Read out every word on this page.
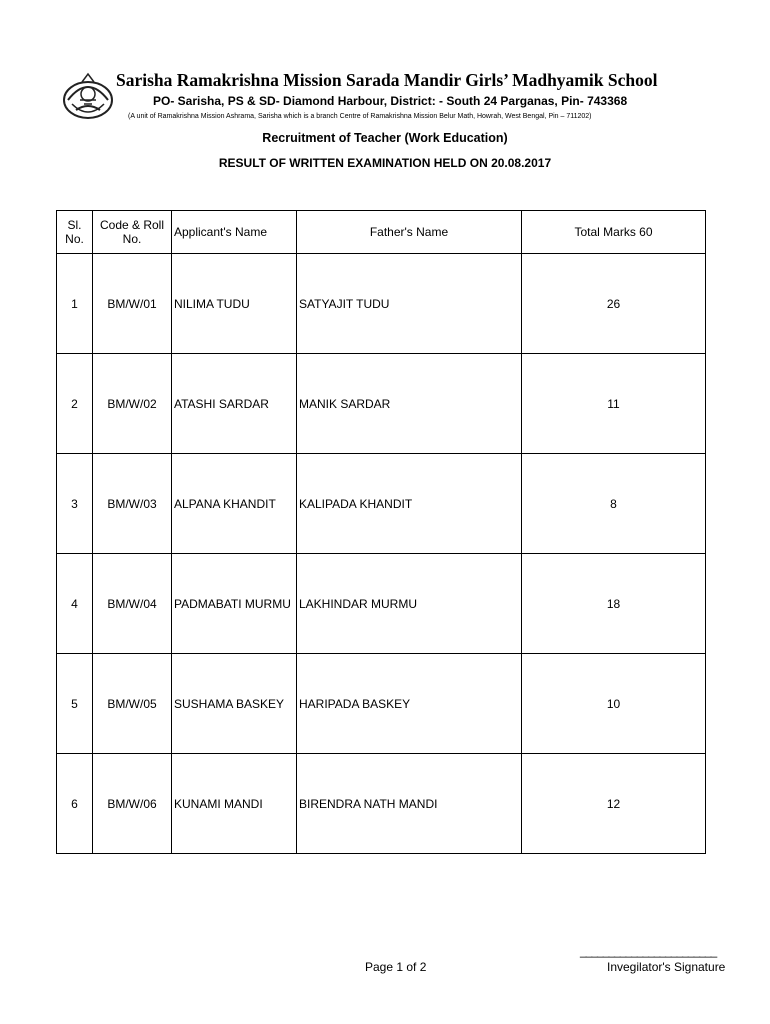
Sarisha Ramakrishna Mission Sarada Mandir Girls’ Madhyamik School
PO- Sarisha, PS & SD- Diamond Harbour, District: - South 24 Parganas, Pin- 743368
(A unit of Ramakrishna Mission Ashrama, Sarisha which is a branch Centre of Ramakrishna Mission Belur Math, Howrah, West Bengal, Pin – 711202)
Recruitment of Teacher (Work Education)
RESULT OF WRITTEN EXAMINATION HELD ON 20.08.2017
Sl. No.	Code & Roll No.	Applicant's Name	Father's Name	Total Marks 60
1	BM/W/01	NILIMA TUDU	SATYAJIT TUDU	26
2	BM/W/02	ATASHI SARDAR	MANIK SARDAR	11
3	BM/W/03	ALPANA KHANDIT	KALIPADA KHANDIT	8
4	BM/W/04	PADMABATI MURMU	LAKHINDAR MURMU	18
5	BM/W/05	SUSHAMA BASKEY	HARIPADA BASKEY	10
6	BM/W/06	KUNAMI MANDI	BIRENDRA NATH MANDI	12
________________________
Page 1 of 2	Invegilator's Signature
